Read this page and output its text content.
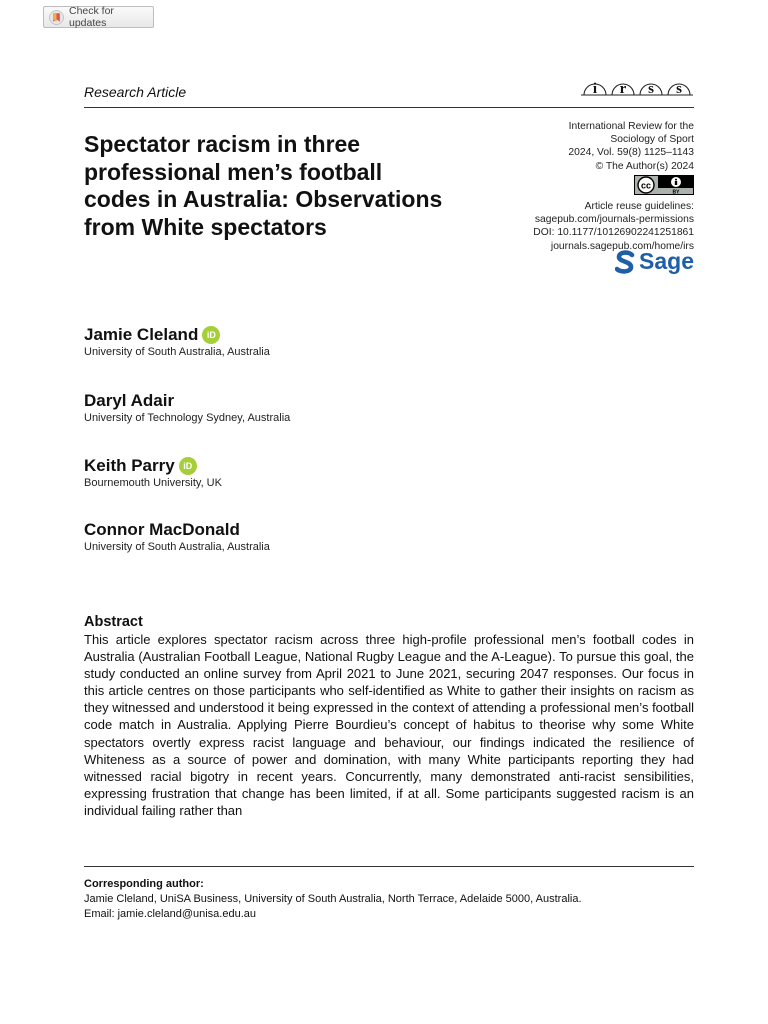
Check for updates
Research Article	i r s s
Spectator racism in three professional men’s football codes in Australia: Observations from White spectators
International Review for the
Sociology of Sport
2024, Vol. 59(8) 1125–1143
© The Author(s) 2024
cc
BY
Article reuse guidelines:
sagepub.com/journals-permissions
DOI: 10.1177/10126902241251861
journals.sagepub.com/home/irs
Sage
Jamie Cleland iD
University of South Australia, Australia
Daryl Adair
University of Technology Sydney, Australia
Keith Parry iD
Bournemouth University, UK
Connor MacDonald
University of South Australia, Australia
Abstract

This article explores spectator racism across three high-profile professional men’s football codes in Australia (Australian Football League, National Rugby League and the A-League). To pursue this goal, the study conducted an online survey from April 2021 to June 2021, securing 2047 responses. Our focus in this article centres on those participants who self-identified as White to gather their insights on racism as they witnessed and understood it being expressed in the context of attending a professional men’s football code match in Australia. Applying Pierre Bourdieu’s concept of habitus to theorise why some White spectators overtly express racist language and behaviour, our findings indicated the resilience of Whiteness as a source of power and domination, with many White participants reporting they had witnessed racial bigotry in recent years. Concurrently, many demonstrated anti-racist sensibilities, expressing frustration that change has been limited, if at all. Some participants suggested racism is an individual failing rather than

Corresponding author:
Jamie Cleland, UniSA Business, University of South Australia, North Terrace, Adelaide 5000, Australia.
Email: jamie.cleland@unisa.edu.au
